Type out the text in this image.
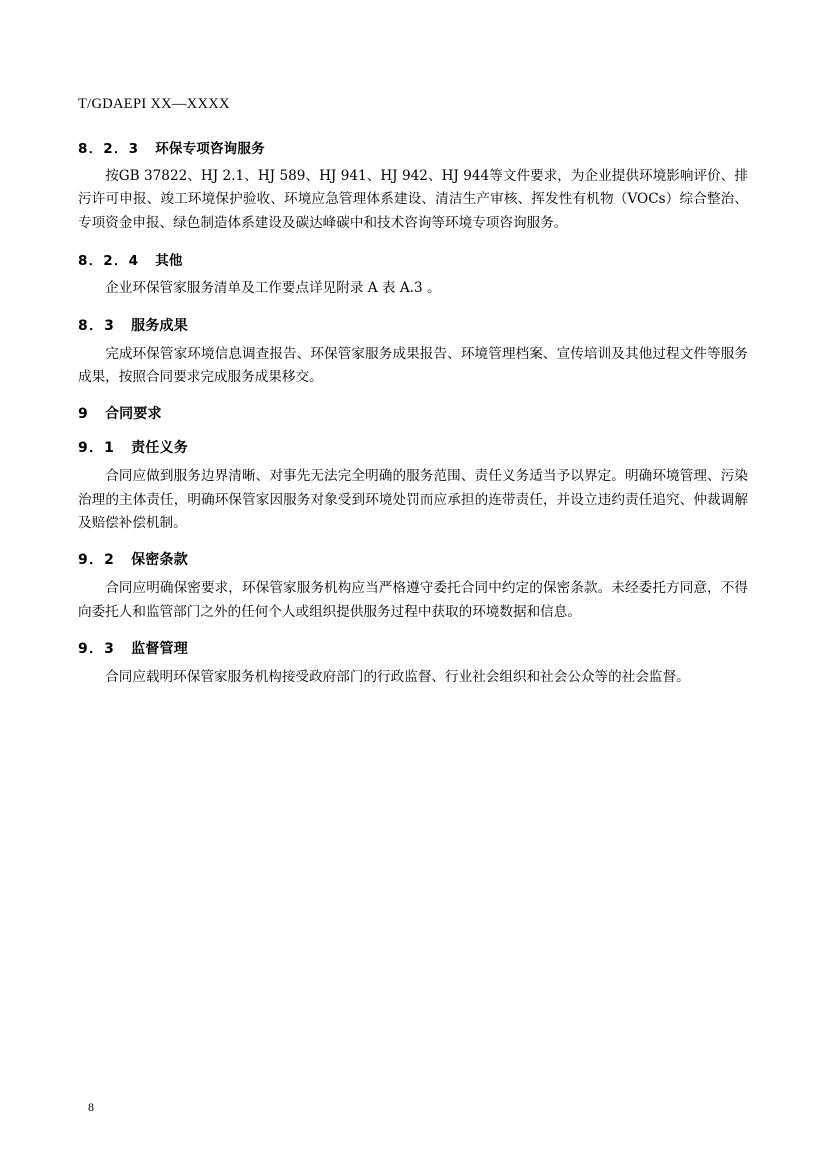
T/GDAEPI XX—XXXX
8．2．3 环保专项咨询服务

按GB 37822、HJ 2.1、HJ 589、HJ 941、HJ 942、HJ 944等文件要求，为企业提供环境影响评价、排污许可申报、竣工环境保护验收、环境应急管理体系建设、清洁生产审核、挥发性有机物（VOCs）综合整治、专项资金申报、绿色制造体系建设及碳达峰碳中和技术咨询等环境专项咨询服务。

8．2．4 其他

企业环保管家服务清单及工作要点详见附录 A 表 A.3 。

8．3 服务成果

完成环保管家环境信息调查报告、环保管家服务成果报告、环境管理档案、宣传培训及其他过程文件等服务成果，按照合同要求完成服务成果移交。

9 合同要求
9．1 责任义务

合同应做到服务边界清晰、对事先无法完全明确的服务范围、责任义务适当予以界定。明确环境管理、污染治理的主体责任，明确环保管家因服务对象受到环境处罚而应承担的连带责任，并设立违约责任追究、仲裁调解及赔偿补偿机制。

9．2 保密条款

合同应明确保密要求，环保管家服务机构应当严格遵守委托合同中约定的保密条款。未经委托方同意，不得向委托人和监管部门之外的任何个人或组织提供服务过程中获取的环境数据和信息。

9．3 监督管理

合同应载明环保管家服务机构接受政府部门的行政监督、行业社会组织和社会公众等的社会监督。

8
